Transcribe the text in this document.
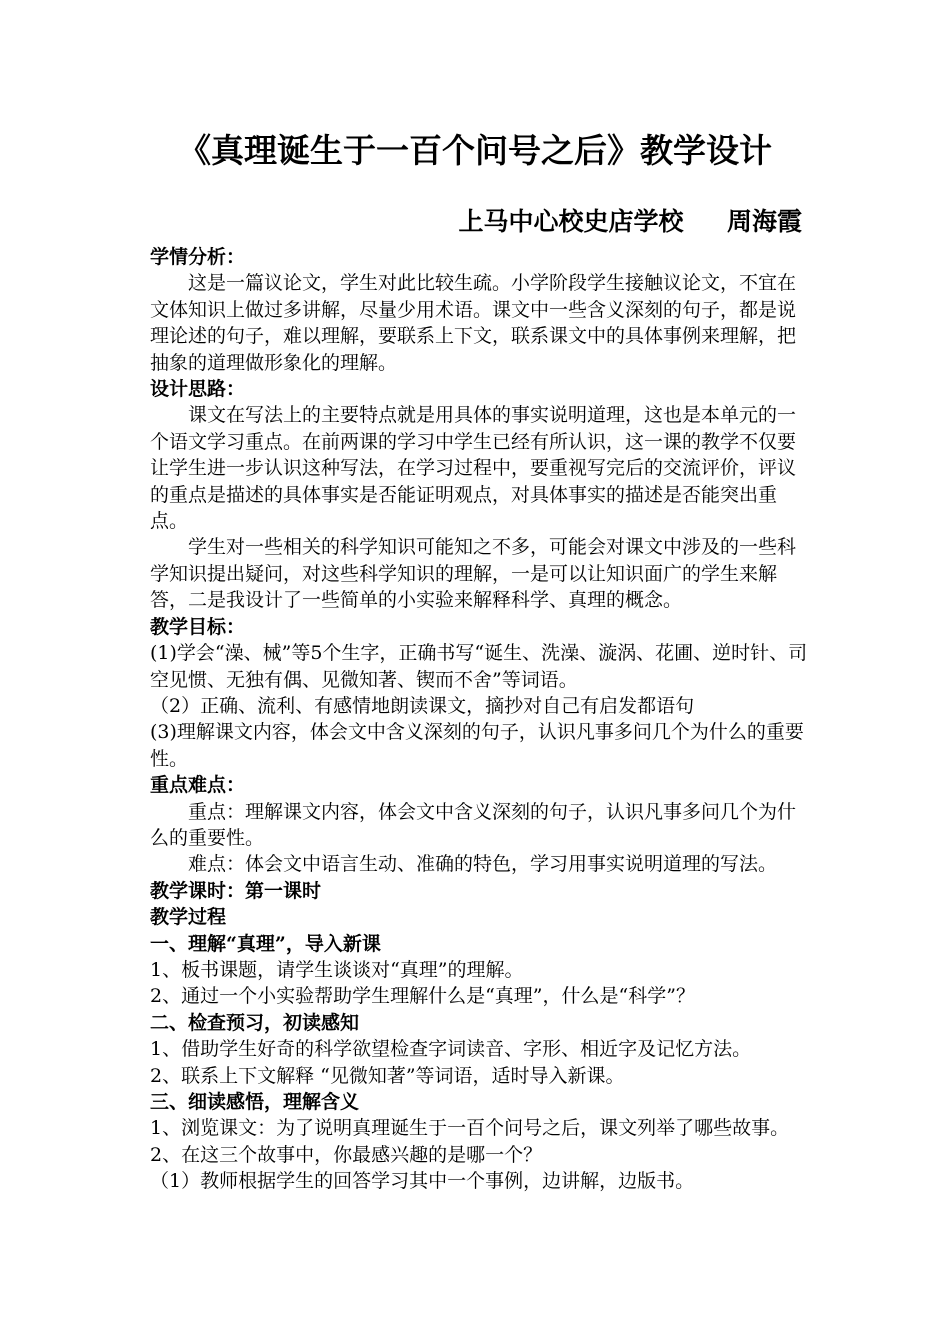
《真理诞生于一百个问号之后》教学设计
上马中心校史店学校     周海霞

学情分析：

这是一篇议论文，学生对此比较生疏。小学阶段学生接触议论文，不宜在文体知识上做过多讲解，尽量少用术语。课文中一些含义深刻的句子，都是说理论述的句子，难以理解，要联系上下文，联系课文中的具体事例来理解，把抽象的道理做形象化的理解。

设计思路：

课文在写法上的主要特点就是用具体的事实说明道理，这也是本单元的一个语文学习重点。在前两课的学习中学生已经有所认识，这一课的教学不仅要让学生进一步认识这种写法，在学习过程中，要重视写完后的交流评价，评议的重点是描述的具体事实是否能证明观点，对具体事实的描述是否能突出重点。

学生对一些相关的科学知识可能知之不多，可能会对课文中涉及的一些科学知识提出疑问，对这些科学知识的理解，一是可以让知识面广的学生来解答，二是我设计了一些简单的小实验来解释科学、真理的概念。

教学目标：

(1)学会“澡、械”等5个生字，正确书写“诞生、洗澡、漩涡、花圃、逆时针、司空见惯、无独有偶、见微知著、锲而不舍”等词语。

（2）正确、流利、有感情地朗读课文，摘抄对自己有启发都语句

(3)理解课文内容，体会文中含义深刻的句子，认识凡事多问几个为什么的重要性。

重点难点：

重点：理解课文内容，体会文中含义深刻的句子，认识凡事多问几个为什么的重要性。

难点：体会文中语言生动、准确的特色，学习用事实说明道理的写法。

教学课时：第一课时

教学过程

一、理解“真理”，导入新课

1、板书课题，请学生谈谈对“真理”的理解。

2、通过一个小实验帮助学生理解什么是“真理”，什么是“科学”？

二、检查预习，初读感知

1、借助学生好奇的科学欲望检查字词读音、字形、相近字及记忆方法。

2、联系上下文解释 “见微知著”等词语，适时导入新课。

三、细读感悟，理解含义

1、浏览课文：为了说明真理诞生于一百个问号之后，课文列举了哪些故事。

2、在这三个故事中，你最感兴趣的是哪一个？

（1）教师根据学生的回答学习其中一个事例，边讲解，边版书。
